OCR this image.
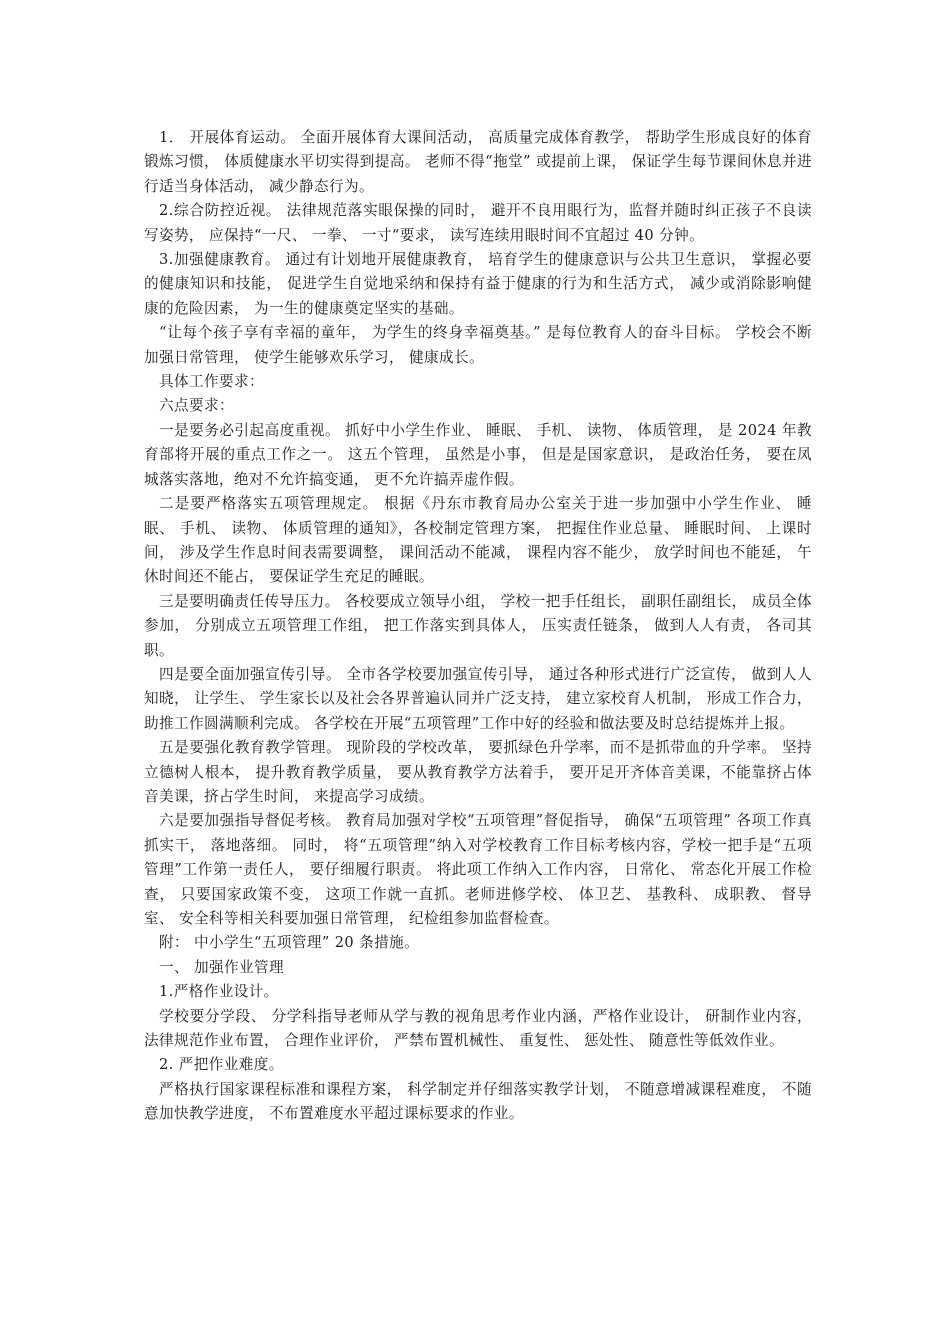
1． 开展体育运动。 全面开展体育大课间活动， 高质量完成体育教学， 帮助学生形成良好的体育锻炼习惯， 体质健康水平切实得到提高。 老师不得“拖堂” 或提前上课， 保证学生每节课间休息并进行适当身体活动， 减少静态行为。

2.综合防控近视。 法律规范落实眼保操的同时， 避开不良用眼行为，监督并随时纠正孩子不良读写姿势， 应保持“一尺、 一拳、 一寸“要求， 读写连续用眼时间不宜超过 40 分钟。

3.加强健康教育。 通过有计划地开展健康教育， 培育学生的健康意识与公共卫生意识， 掌握必要的健康知识和技能， 促进学生自觉地采纳和保持有益于健康的行为和生活方式， 减少或消除影响健康的危险因素， 为一生的健康奠定坚实的基础。

“让每个孩子享有幸福的童年， 为学生的终身幸福奠基。” 是每位教育人的奋斗目标。 学校会不断加强日常管理， 使学生能够欢乐学习， 健康成长。

具体工作要求：

六点要求：

一是要务必引起高度重视。 抓好中小学生作业、 睡眠、 手机、 读物、 体质管理， 是 2024 年教育部将开展的重点工作之一。 这五个管理， 虽然是小事， 但是是国家意识， 是政治任务， 要在凤城落实落地，绝对不允许搞变通， 更不允许搞弄虚作假。

二是要严格落实五项管理规定。 根据《丹东市教育局办公室关于进一步加强中小学生作业、 睡眠、 手机、 读物、 体质管理的通知》，各校制定管理方案， 把握住作业总量、 睡眠时间、 上课时间， 涉及学生作息时间表需要调整， 课间活动不能减， 课程内容不能少， 放学时间也不能延， 午休时间还不能占， 要保证学生充足的睡眠。

三是要明确责任传导压力。 各校要成立领导小组， 学校一把手任组长， 副职任副组长， 成员全体参加， 分别成立五项管理工作组， 把工作落实到具体人， 压实责任链条， 做到人人有责， 各司其职。

四是要全面加强宣传引导。 全市各学校要加强宣传引导， 通过各种形式进行广泛宣传， 做到人人知晓， 让学生、 学生家长以及社会各界普遍认同并广泛支持， 建立家校育人机制， 形成工作合力， 助推工作圆满顺利完成。 各学校在开展“五项管理”工作中好的经验和做法要及时总结提炼并上报。

五是要强化教育教学管理。 现阶段的学校改革， 要抓绿色升学率，而不是抓带血的升学率。 坚持立德树人根本， 提升教育教学质量， 要从教育教学方法着手， 要开足开齐体音美课，不能靠挤占体音美课，挤占学生时间， 来提高学习成绩。

六是要加强指导督促考核。 教育局加强对学校“五项管理”督促指导， 确保“五项管理” 各项工作真抓实干， 落地落细。 同时， 将“五项管理”纳入对学校教育工作目标考核内容，学校一把手是“五项管理”工作第一责任人， 要仔细履行职责。 将此项工作纳入工作内容， 日常化、 常态化开展工作检查， 只要国家政策不变， 这项工作就一直抓。老师进修学校、 体卫艺、 基教科、 成职教、 督导室、 安全科等相关科要加强日常管理， 纪检组参加监督检查。

附： 中小学生“五项管理” 20 条措施。

一、 加强作业管理

1.严格作业设计。

学校要分学段、 分学科指导老师从学与教的视角思考作业内涵，严格作业设计， 研制作业内容， 法律规范作业布置， 合理作业评价， 严禁布置机械性、 重复性、 惩处性、 随意性等低效作业。

2. 严把作业难度。

严格执行国家课程标准和课程方案， 科学制定并仔细落实教学计划， 不随意增减课程难度， 不随意加快教学进度， 不布置难度水平超过课标要求的作业。
